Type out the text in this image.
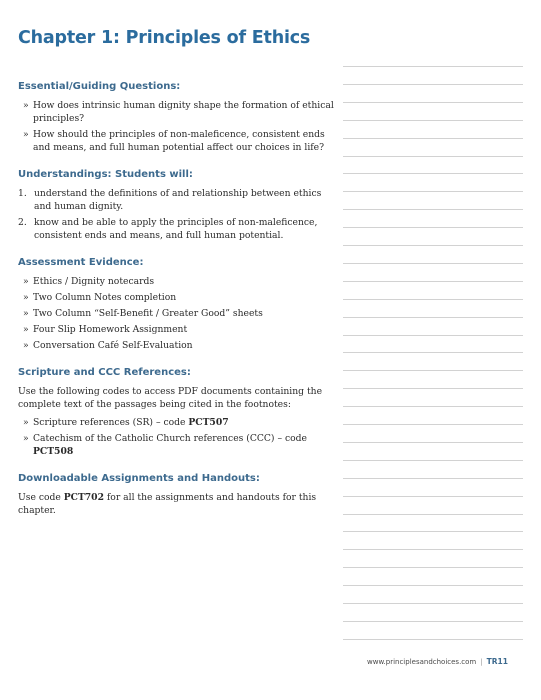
Chapter 1: Principles of Ethics
Essential/Guiding Questions:
» How does intrinsic human dignity shape the formation of ethical principles?
» How should the principles of non-maleficence, consistent ends and means, and full human potential affect our choices in life?
Understandings: Students will:
1. understand the definitions of and relationship between ethics and human dignity.
2. know and be able to apply the principles of non-maleficence, consistent ends and means, and full human potential.
Assessment Evidence:
» Ethics / Dignity notecards
» Two Column Notes completion
» Two Column “Self-Benefit / Greater Good” sheets
» Four Slip Homework Assignment
» Conversation Café Self-Evaluation
Scripture and CCC References:

Use the following codes to access PDF documents containing the complete text of the passages being cited in the footnotes:

» Scripture references (SR) – code PCT507
» Catechism of the Catholic Church references (CCC) – code PCT508
Downloadable Assignments and Handouts:

Use code PCT702 for all the assignments and handouts for this chapter.

www.principlesandchoices.com | TR11
